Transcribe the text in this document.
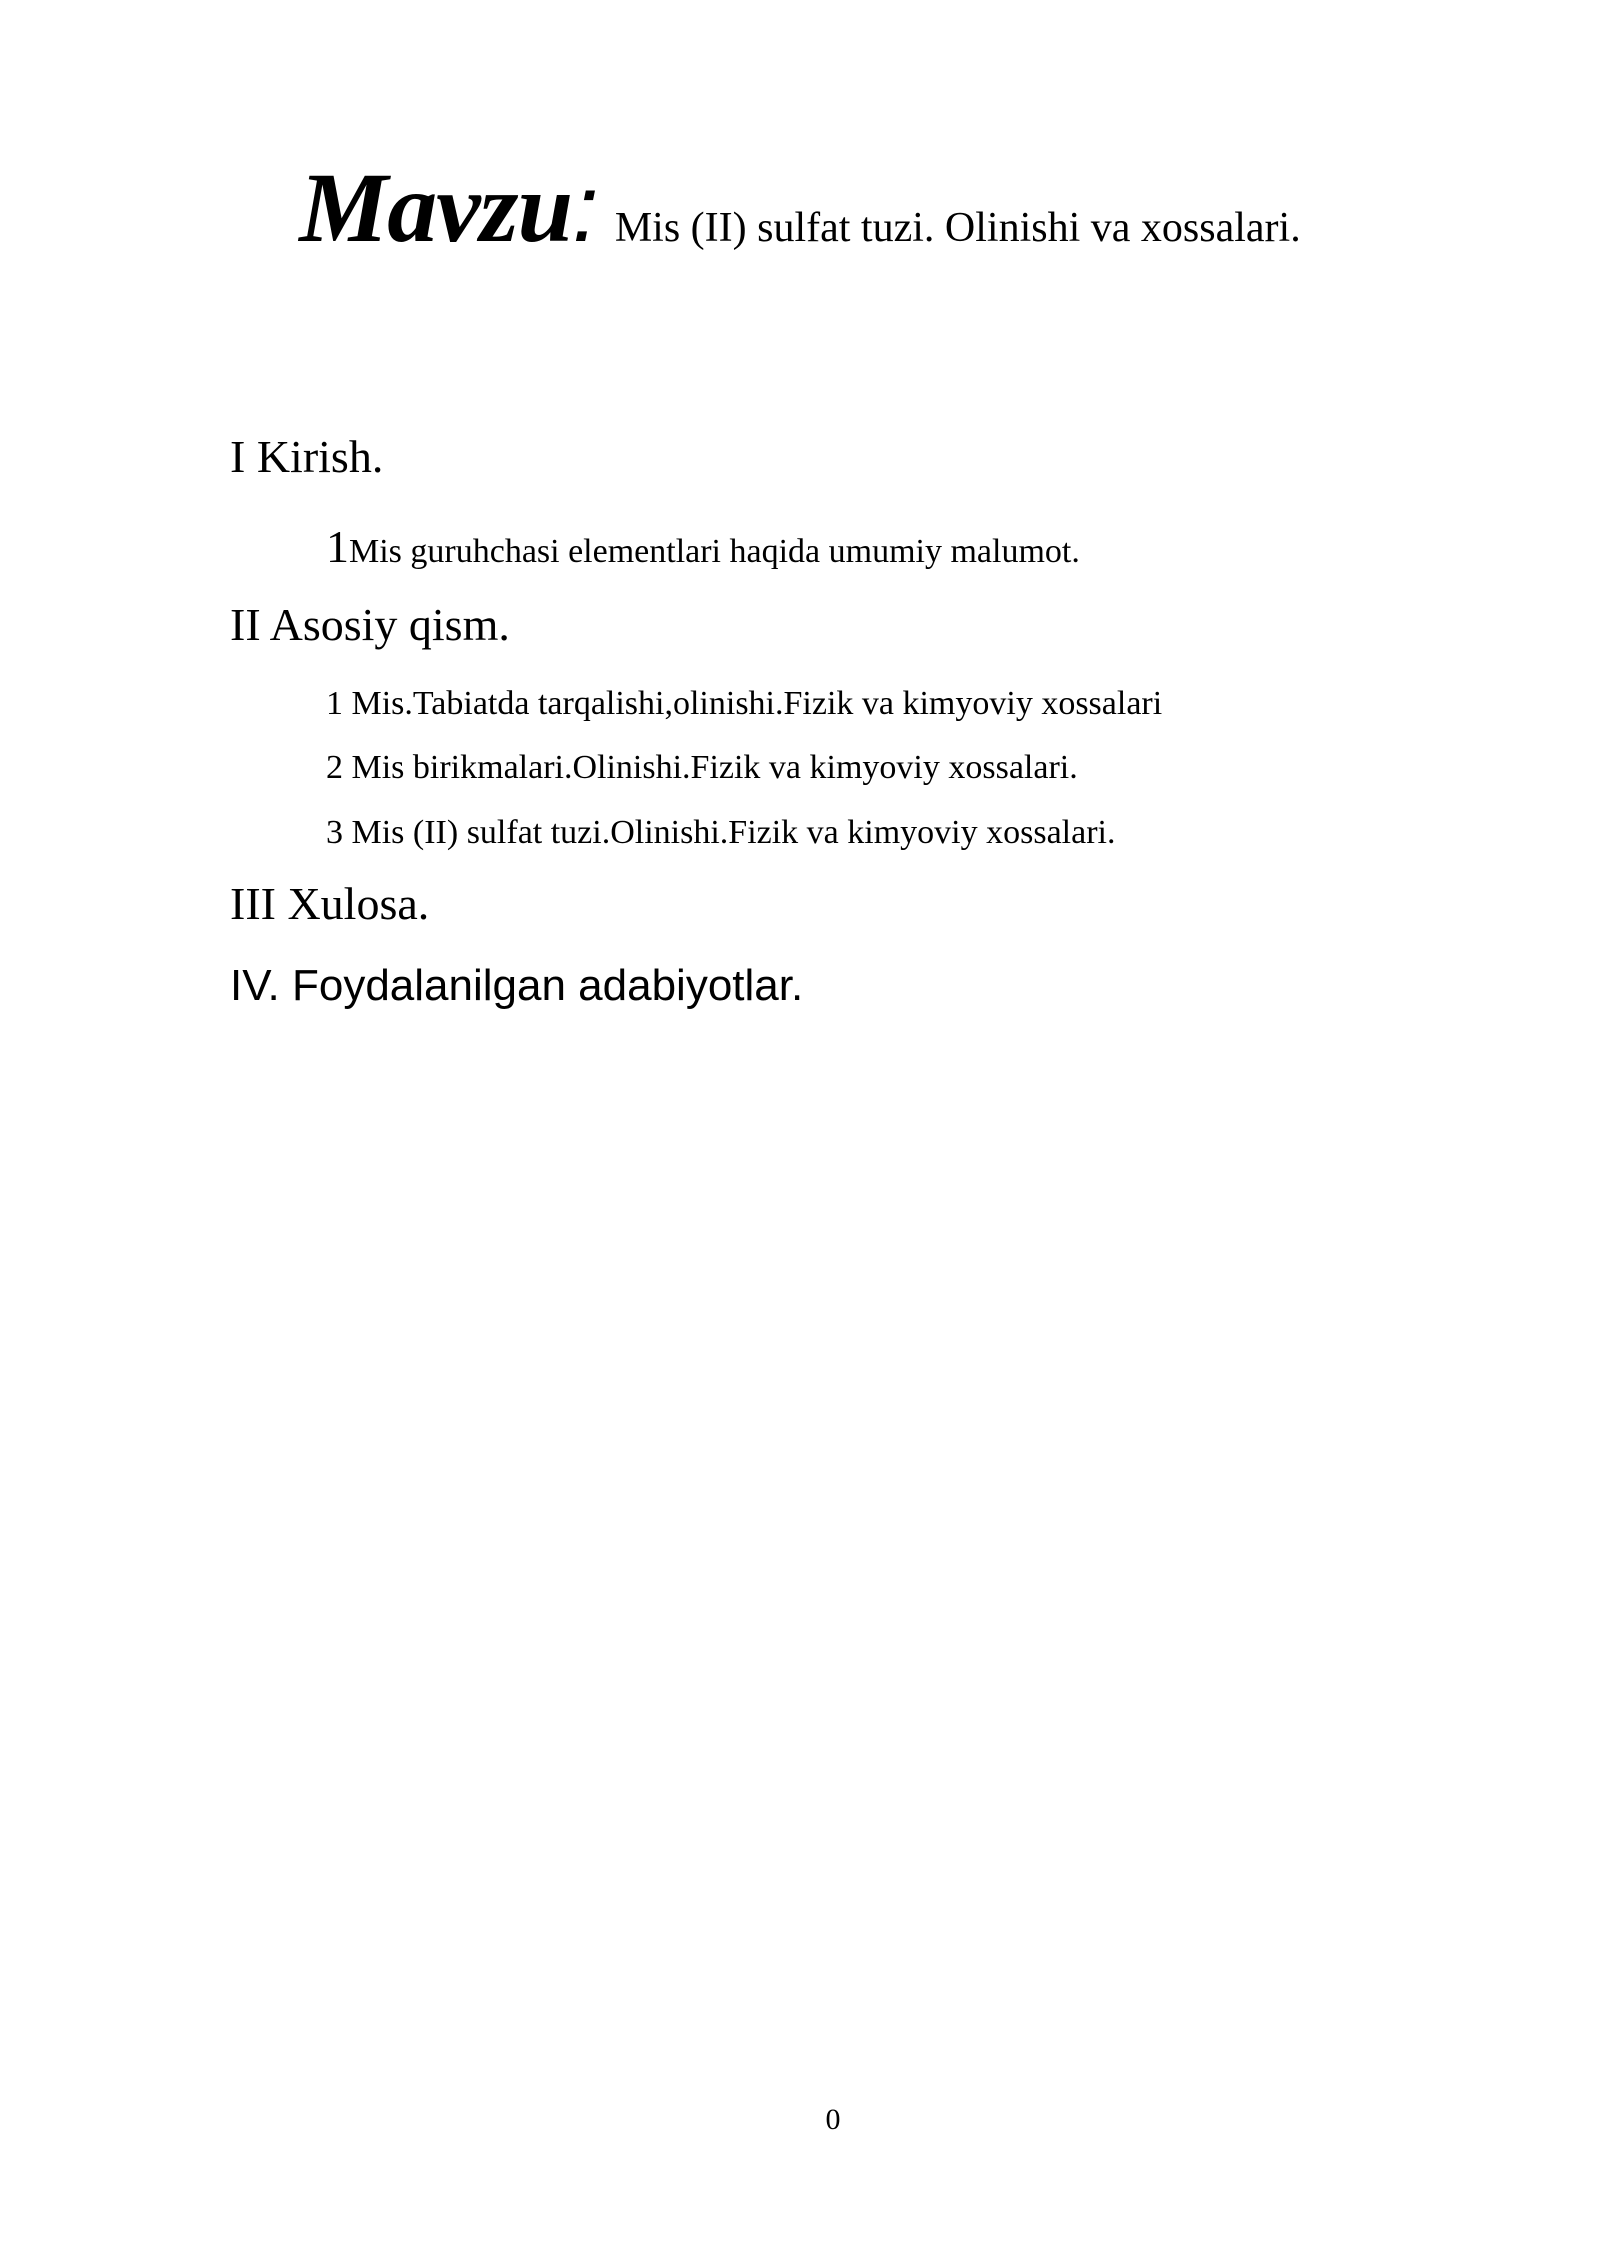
Mavzu: Mis (II) sulfat tuzi. Olinishi va xossalari.
I Kirish.
1Mis guruhchasi elementlari haqida umumiy malumot.
II Asosiy qism.
1 Mis.Tabiatda tarqalishi,olinishi.Fizik va kimyoviy xossalari
2 Mis birikmalari.Olinishi.Fizik va kimyoviy xossalari.
3 Mis (II) sulfat tuzi.Olinishi.Fizik va kimyoviy xossalari.
III Xulosa.
IV. Foydalanilgan adabiyotlar.
0
